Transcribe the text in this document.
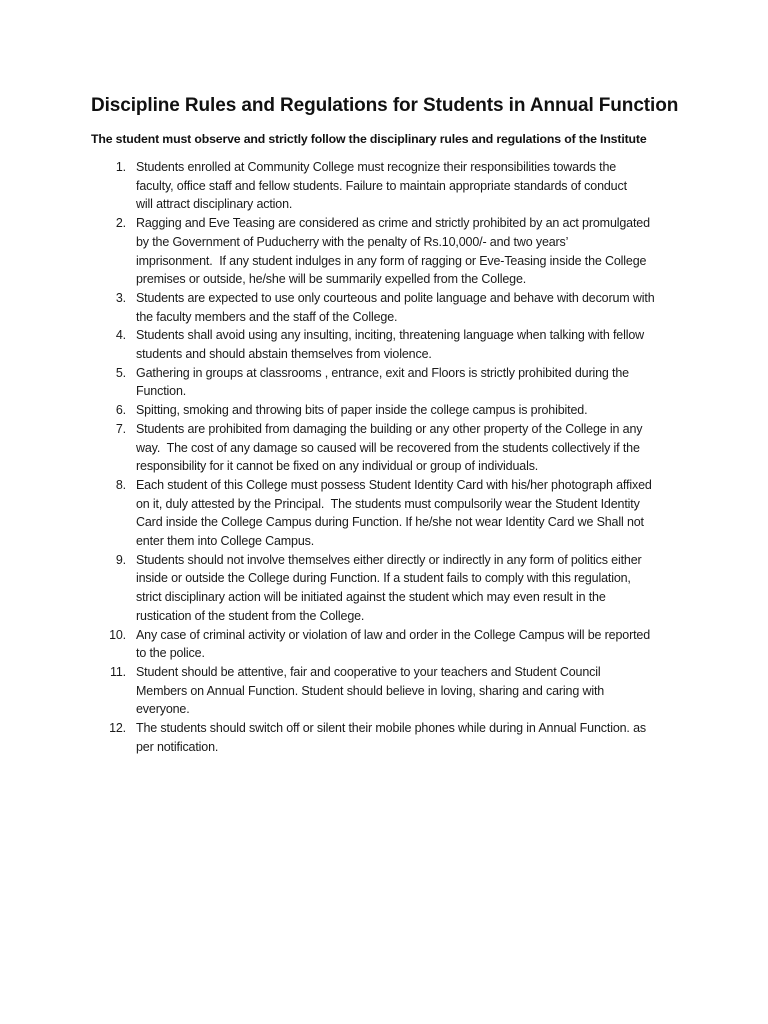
Discipline Rules and Regulations for Students in Annual Function

The student must observe and strictly follow the disciplinary rules and regulations of the Institute

1. Students enrolled at Community College must recognize their responsibilities towards the
faculty, office staff and fellow students. Failure to maintain appropriate standards of conduct
will attract disciplinary action.
2. Ragging and Eve Teasing are considered as crime and strictly prohibited by an act promulgated
by the Government of Puducherry with the penalty of Rs.10,000/- and two years’
imprisonment.  If any student indulges in any form of ragging or Eve-Teasing inside the College
premises or outside, he/she will be summarily expelled from the College.
3. Students are expected to use only courteous and polite language and behave with decorum with
the faculty members and the staff of the College.
4. Students shall avoid using any insulting, inciting, threatening language when talking with fellow
students and should abstain themselves from violence.
5. Gathering in groups at classrooms , entrance, exit and Floors is strictly prohibited during the
Function.
6. Spitting, smoking and throwing bits of paper inside the college campus is prohibited.
7. Students are prohibited from damaging the building or any other property of the College in any
way.  The cost of any damage so caused will be recovered from the students collectively if the
responsibility for it cannot be fixed on any individual or group of individuals.
8. Each student of this College must possess Student Identity Card with his/her photograph affixed
on it, duly attested by the Principal.  The students must compulsorily wear the Student Identity
Card inside the College Campus during Function. If he/she not wear Identity Card we Shall not
enter them into College Campus.
9. Students should not involve themselves either directly or indirectly in any form of politics either
inside or outside the College during Function. If a student fails to comply with this regulation,
strict disciplinary action will be initiated against the student which may even result in the
rustication of the student from the College.
10. Any case of criminal activity or violation of law and order in the College Campus will be reported
to the police.
11. Student should be attentive, fair and cooperative to your teachers and Student Council
Members on Annual Function. Student should believe in loving, sharing and caring with
everyone.
12. The students should switch off or silent their mobile phones while during in Annual Function. as
per notification.
